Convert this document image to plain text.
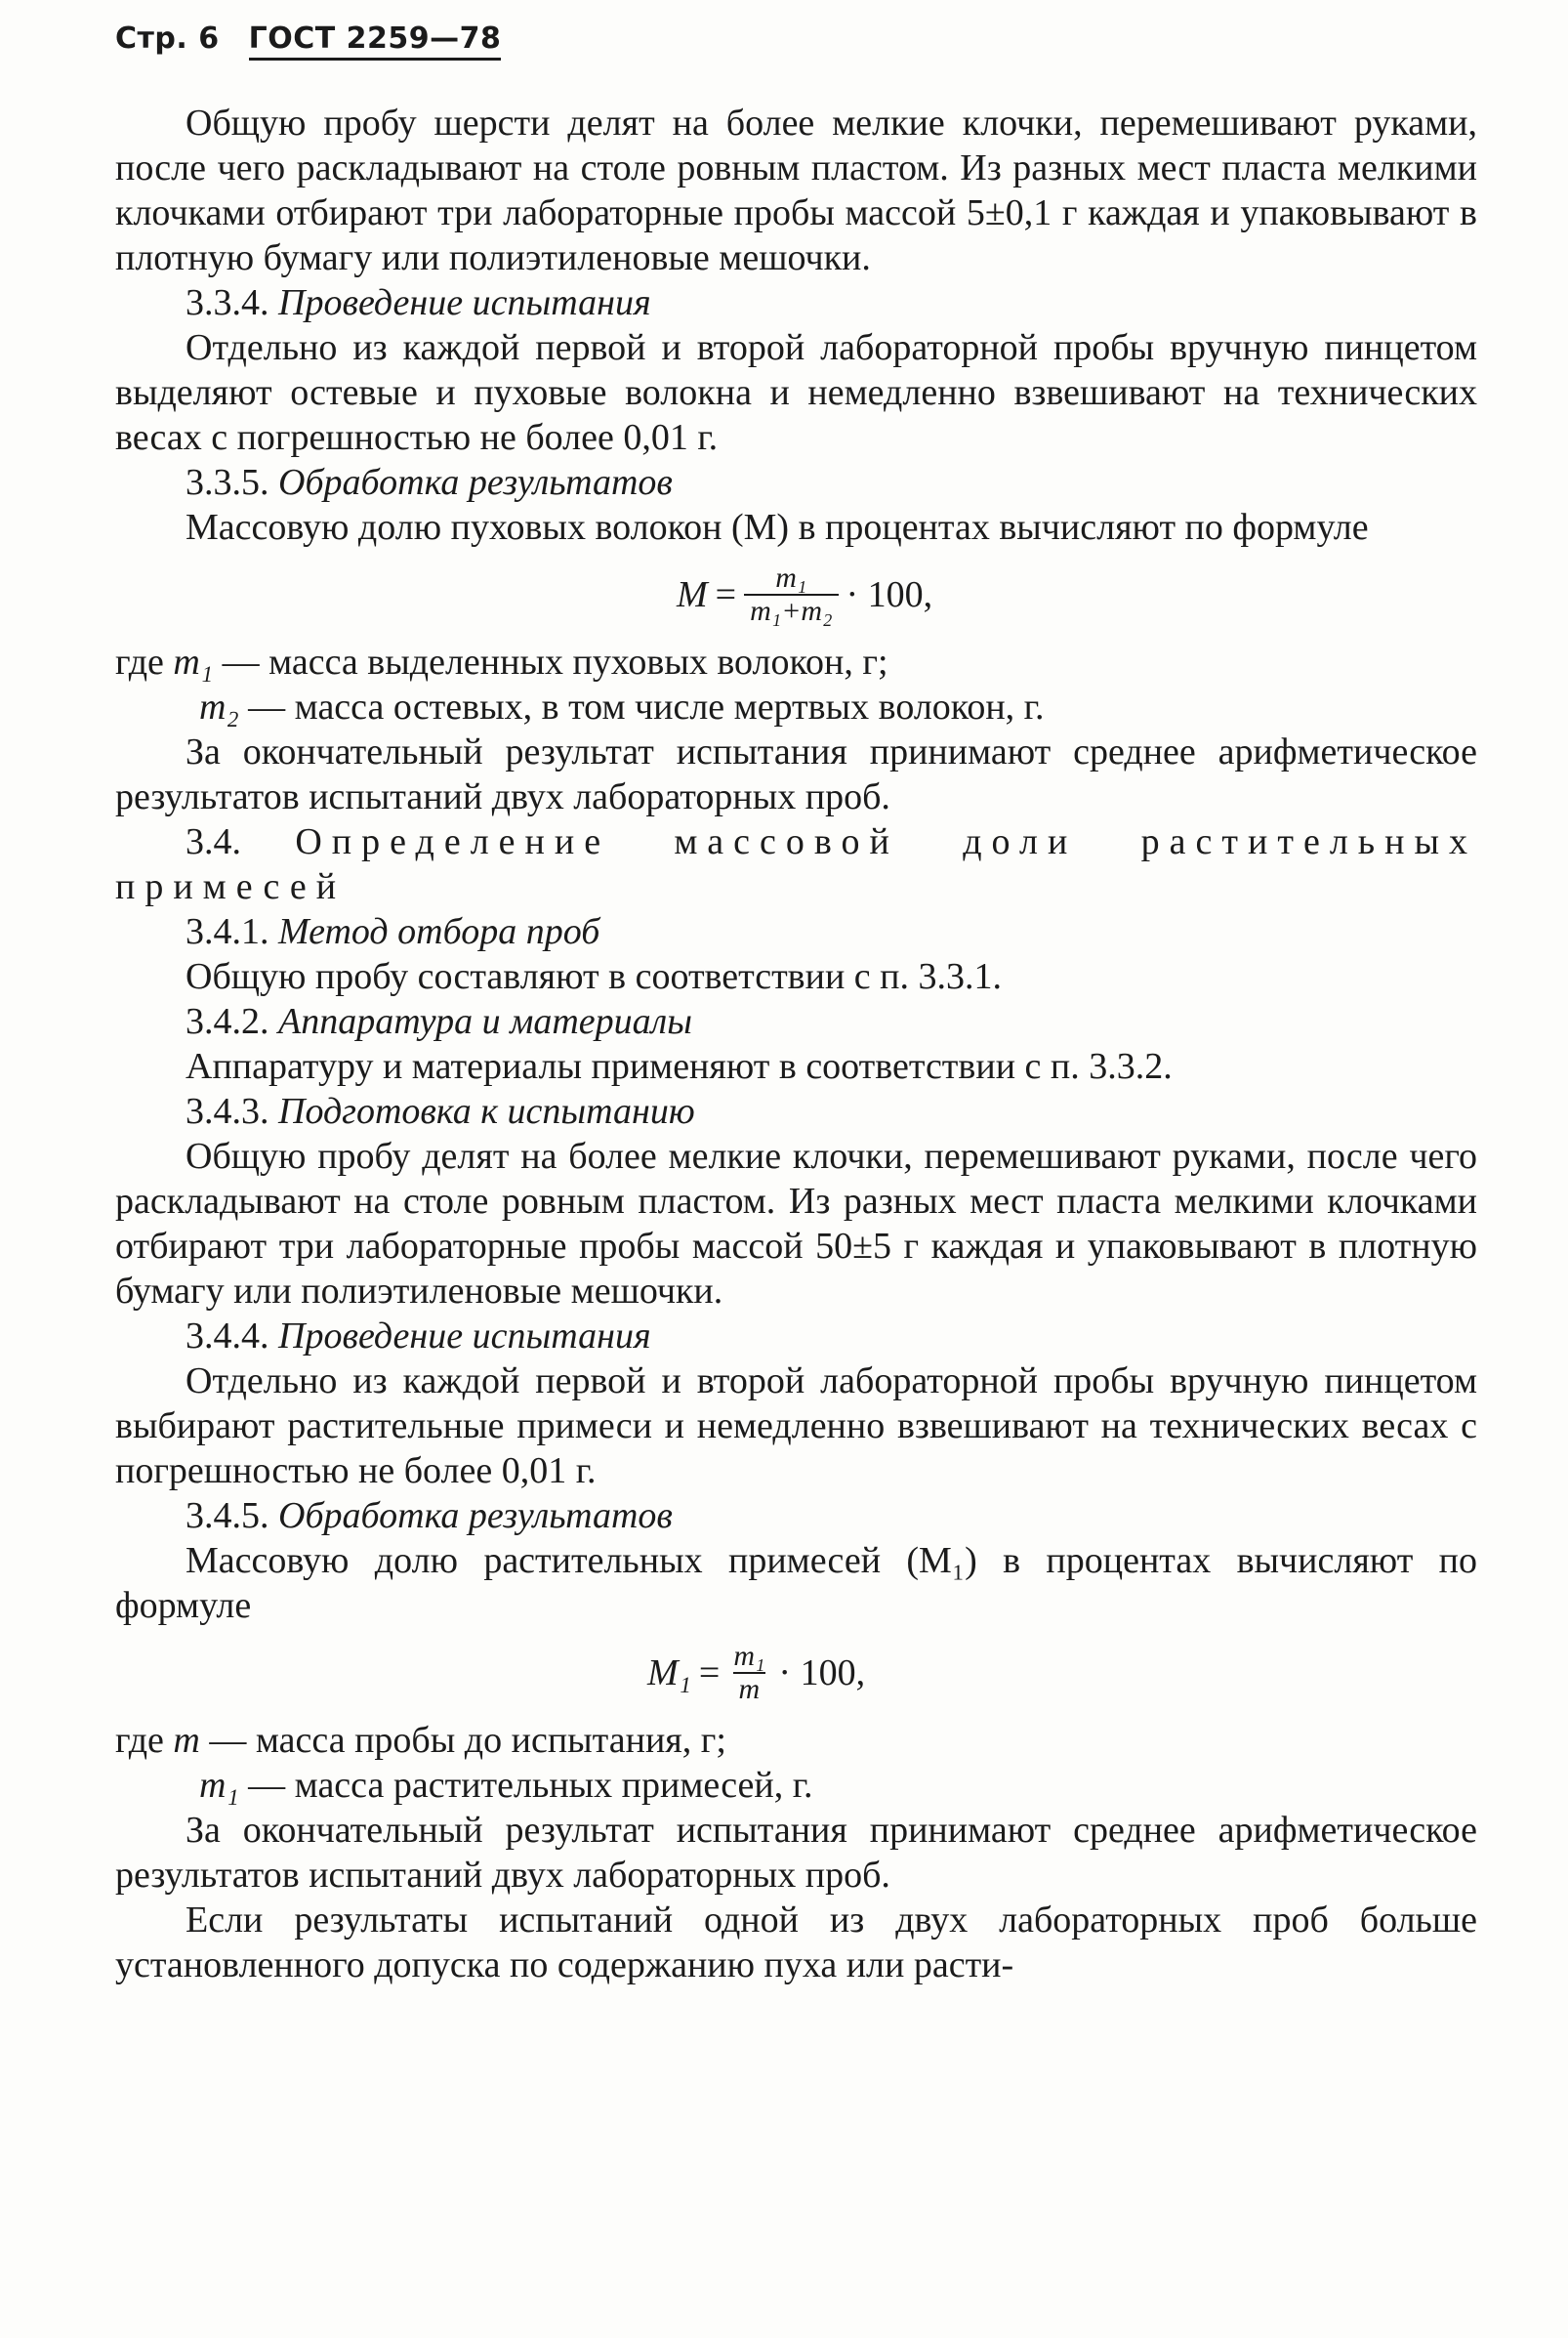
Стр. 6 ГОСТ 2259—78

Общую пробу шерсти делят на более мелкие клочки, перемешивают руками, после чего раскладывают на столе ровным пластом. Из разных мест пласта мелкими клочками отбирают три лабораторные пробы массой 5±0,1 г каждая и упаковывают в плотную бумагу или полиэтиленовые мешочки.

3.3.4. Проведение испытания

Отдельно из каждой первой и второй лабораторной пробы вручную пинцетом выделяют остевые и пуховые волокна и немедленно взвешивают на технических весах с погрешностью не более 0,01 г.

3.3.5. Обработка результатов

Массовую долю пуховых волокон (M) в процентах вычисляют по формуле

$M = \frac{\text{m₁}}{\text{m₁+m₂}} \cdot 100$,

где m₁ — масса выделенных пуховых волокон, г;

m₂ — масса остевых, в том числе мертвых волокон, г.

За окончательный результат испытания принимают среднее арифметическое результатов испытаний двух лабораторных проб.

3.4. Определение массовой доли растительных примесей

3.4.1. Метод отбора проб

Общую пробу составляют в соответствии с п. 3.3.1.

3.4.2. Аппаратура и материалы

Аппаратуру и материалы применяют в соответствии с п. 3.3.2.

3.4.3. Подготовка к испытанию

Общую пробу делят на более мелкие клочки, перемешивают руками, после чего раскладывают на столе ровным пластом. Из разных мест пласта мелкими клочками отбирают три лабораторные пробы массой 50±5 г каждая и упаковывают в плотную бумагу или полиэтиленовые мешочки.

3.4.4. Проведение испытания

Отдельно из каждой первой и второй лабораторной пробы вручную пинцетом выбирают растительные примеси и немедленно взвешивают на технических весах с погрешностью не более 0,01 г.

3.4.5. Обработка результатов

Массовую долю растительных примесей (M₁) в процентах вычисляют по формуле

$M_1 = \frac{\text{m₁}}{m} \cdot 100$,

где m — масса пробы до испытания, г;

m₁ — масса растительных примесей, г.

За окончательный результат испытания принимают среднее арифметическое результатов испытаний двух лабораторных проб.

Если результаты испытаний одной из двух лабораторных проб больше установленного допуска по содержанию пуха или расти-
